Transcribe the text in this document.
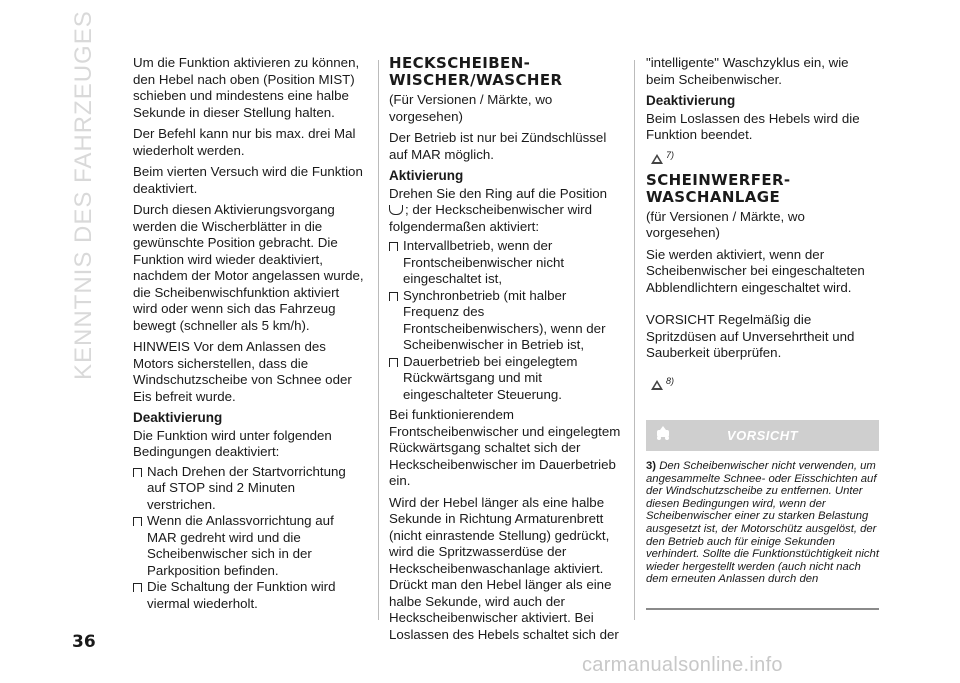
KENNTNIS DES FAHRZEUGES	Um die Funktion aktivieren zu können, den Hebel nach oben (Position MIST) schieben und mindestens eine halbe Sekunde in dieser Stellung halten.

Der Befehl kann nur bis max. drei Mal wiederholt werden.

Beim vierten Versuch wird die Funktion deaktiviert.

Durch diesen Aktivierungsvorgang werden die Wischerblätter in die gewünschte Position gebracht. Die Funktion wird wieder deaktiviert, nachdem der Motor angelassen wurde, die Scheibenwischfunktion aktiviert wird oder wenn sich das Fahrzeug bewegt (schneller als 5 km/h).

HINWEIS Vor dem Anlassen des Motors sicherstellen, dass die Windschutzscheibe von Schnee oder Eis befreit wurde.

Deaktivierung

Die Funktion wird unter folgenden Bedingungen deaktiviert:

Nach Drehen der Startvorrichtung auf STOP sind 2 Minuten verstrichen.
Wenn die Anlassvorrichtung auf MAR gedreht wird und die Scheibenwischer sich in der Parkposition befinden.
Die Schaltung der Funktion wird viermal wiederholt.
HECKSCHEIBEN-WISCHER/WASCHER

(Für Versionen / Märkte, wo vorgesehen)

Der Betrieb ist nur bei Zündschlüssel auf MAR möglich.

Aktivierung

Drehen Sie den Ring auf die Position
; der Heckscheibenwischer wird folgendermaßen aktiviert:

Intervallbetrieb, wenn der Frontscheibenwischer nicht eingeschaltet ist,
Synchronbetrieb (mit halber Frequenz des Frontscheibenwischers), wenn der Scheibenwischer in Betrieb ist,
Dauerbetrieb bei eingelegtem Rückwärtsgang und mit eingeschalteter Steuerung.

Bei funktionierendem Frontscheibenwischer und eingelegtem Rückwärtsgang schaltet sich der Heckscheibenwischer im Dauerbetrieb ein.

Wird der Hebel länger als eine halbe Sekunde in Richtung Armaturenbrett (nicht einrastende Stellung) gedrückt, wird die Spritzwasserdüse der Heckscheibenwaschanlage aktiviert. Drückt man den Hebel länger als eine halbe Sekunde, wird auch der Heckscheibenwischer aktiviert. Bei Loslassen des Hebels schaltet sich der

"intelligente" Waschzyklus ein, wie beim Scheibenwischer.

Deaktivierung

Beim Loslassen des Hebels wird die Funktion beendet.

7)
SCHEINWERFER-WASCHANLAGE

(für Versionen / Märkte, wo vorgesehen)

Sie werden aktiviert, wenn der Scheibenwischer bei eingeschalteten Abblendlichtern eingeschaltet wird.

VORSICHT Regelmäßig die Spritzdüsen auf Unversehrtheit und Sauberkeit überprüfen.

8)
VORSICHT
3) Den Scheibenwischer nicht verwenden, um angesammelte Schnee- oder Eisschichten auf der Windschutzscheibe zu entfernen. Unter diesen Bedingungen wird, wenn der Scheibenwischer einer zu starken Belastung ausgesetzt ist, der Motorschütz ausgelöst, der den Betrieb auch für einige Sekunden verhindert. Sollte die Funktionstüchtigkeit nicht wieder hergestellt werden (auch nicht nach dem erneuten Anlassen durch den
36
carmanualsonline.info
